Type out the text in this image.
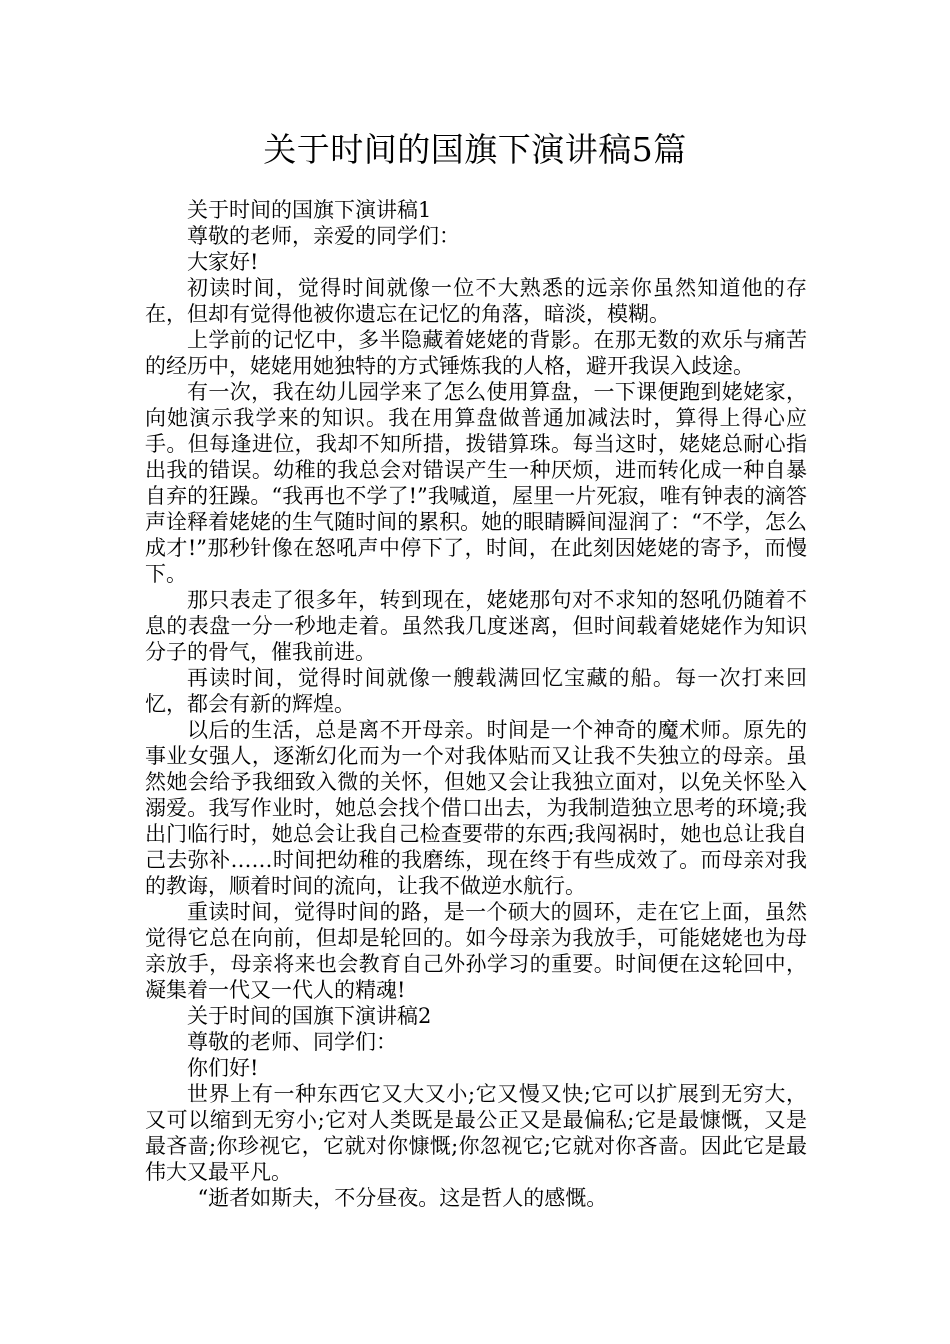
关于时间的国旗下演讲稿5篇

关于时间的国旗下演讲稿1

尊敬的老师，亲爱的同学们：

大家好!

初读时间，觉得时间就像一位不大熟悉的远亲你虽然知道他的存在，但却有觉得他被你遗忘在记忆的角落，暗淡，模糊。

上学前的记忆中，多半隐藏着姥姥的背影。在那无数的欢乐与痛苦的经历中，姥姥用她独特的方式锤炼我的人格，避开我误入歧途。

有一次，我在幼儿园学来了怎么使用算盘，一下课便跑到姥姥家，向她演示我学来的知识。我在用算盘做普通加减法时，算得上得心应手。但每逢进位，我却不知所措，拨错算珠。每当这时，姥姥总耐心指出我的错误。幼稚的我总会对错误产生一种厌烦，进而转化成一种自暴自弃的狂躁。“我再也不学了!”我喊道，屋里一片死寂，唯有钟表的滴答声诠释着姥姥的生气随时间的累积。她的眼睛瞬间湿润了：“不学，怎么成才!”那秒针像在怒吼声中停下了，时间，在此刻因姥姥的寄予，而慢下。

那只表走了很多年，转到现在，姥姥那句对不求知的怒吼仍随着不息的表盘一分一秒地走着。虽然我几度迷离，但时间载着姥姥作为知识分子的骨气，催我前进。

再读时间，觉得时间就像一艘载满回忆宝藏的船。每一次打来回忆，都会有新的辉煌。

以后的生活，总是离不开母亲。时间是一个神奇的魔术师。原先的事业女强人，逐渐幻化而为一个对我体贴而又让我不失独立的母亲。虽然她会给予我细致入微的关怀，但她又会让我独立面对，以免关怀坠入溺爱。我写作业时，她总会找个借口出去，为我制造独立思考的环境;我出门临行时，她总会让我自己检查要带的东西;我闯祸时，她也总让我自己去弥补……时间把幼稚的我磨练，现在终于有些成效了。而母亲对我的教诲，顺着时间的流向，让我不做逆水航行。

重读时间，觉得时间的路，是一个硕大的圆环，走在它上面，虽然觉得它总在向前，但却是轮回的。如今母亲为我放手，可能姥姥也为母亲放手，母亲将来也会教育自己外孙学习的重要。时间便在这轮回中，凝集着一代又一代人的精魂!

关于时间的国旗下演讲稿2

尊敬的老师、同学们：

你们好!

世界上有一种东西它又大又小;它又慢又快;它可以扩展到无穷大，又可以缩到无穷小;它对人类既是最公正又是最偏私;它是最慷慨，又是最吝啬;你珍视它，它就对你慷慨;你忽视它;它就对你吝啬。因此它是最伟大又最平凡。

“逝者如斯夫，不分昼夜。这是哲人的感慨。
